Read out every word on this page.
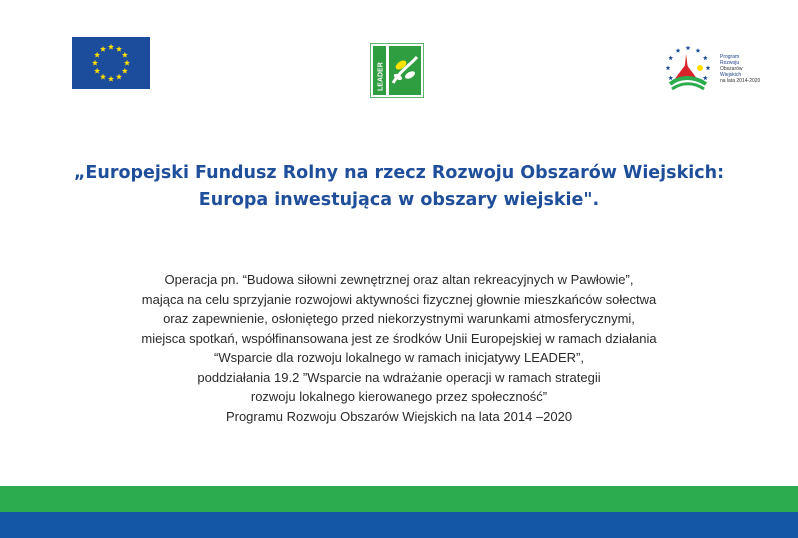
LEADER
Program
Rozwoju
Obszarów
Wiejskich
na lata 2014-2020
„Europejski Fundusz Rolny na rzecz Rozwoju Obszarów Wiejskich:
Europa inwestująca w obszary wiejskie".
Operacja pn. “Budowa siłowni zewnętrznej oraz altan rekreacyjnych w Pawłowie”,
mająca na celu sprzyjanie rozwojowi aktywności fizycznej głownie mieszkańców sołectwa
oraz zapewnienie, osłoniętego przed niekorzystnymi warunkami atmosferycznymi,
miejsca spotkań, współfinansowana jest ze środków Unii Europejskiej w ramach działania
“Wsparcie dla rozwoju lokalnego w ramach inicjatywy LEADER”,
poddziałania 19.2 ”Wsparcie na wdrażanie operacji w ramach strategii
rozwoju lokalnego kierowanego przez społeczność”
Programu Rozwoju Obszarów Wiejskich na lata 2014 –2020
